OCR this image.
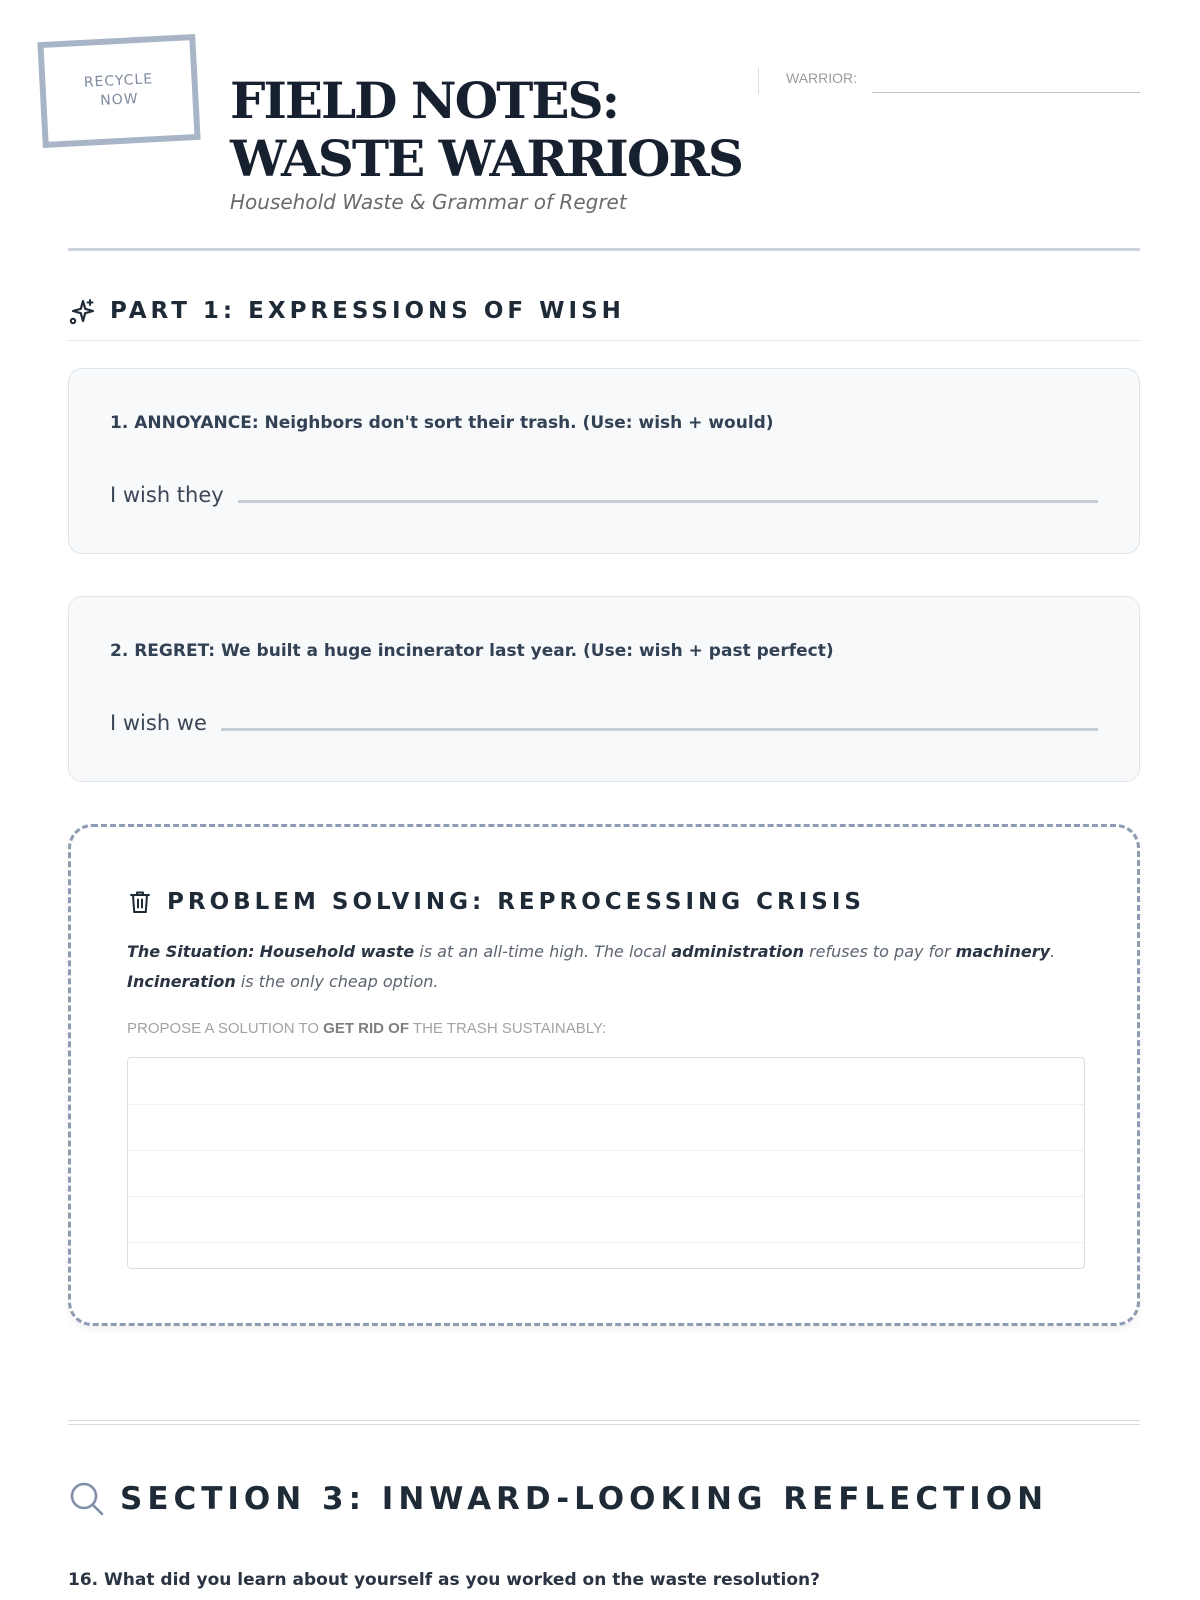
RECYCLE NOW	FIELD NOTES: WASTE WARRIORS

Household Waste & Grammar of Regret

WARRIOR:
PART 1: EXPRESSIONS OF WISH

1. ANNOYANCE: Neighbors don't sort their trash. (Use: wish + would)

I wish they

2. REGRET: We built a huge incinerator last year. (Use: wish + past perfect)

I wish we
PROBLEM SOLVING: REPROCESSING CRISIS

The Situation: Household waste is at an all-time high. The local administration refuses to pay for machinery. Incineration is the only cheap option.

PROPOSE A SOLUTION TO GET RID OF THE TRASH SUSTAINABLY:

SECTION 3: INWARD-LOOKING REFLECTION

16. What did you learn about yourself as you worked on the waste resolution?
